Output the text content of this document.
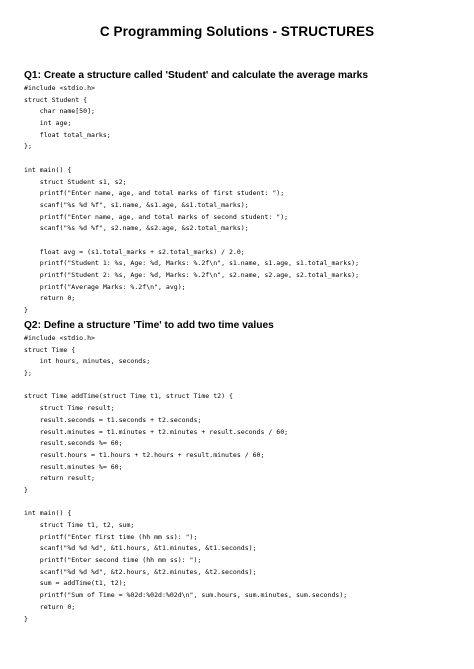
C Programming Solutions - STRUCTURES
Q1: Create a structure called 'Student' and calculate the average marks
#include <stdio.h>
struct Student {
char name[50];
int age;
float total_marks;
};
int main() {
struct Student s1, s2;
printf("Enter name, age, and total marks of first student: ");
scanf("%s %d %f", s1.name, &s1.age, &s1.total_marks);
printf("Enter name, age, and total marks of second student: ");
scanf("%s %d %f", s2.name, &s2.age, &s2.total_marks);
float avg = (s1.total_marks + s2.total_marks) / 2.0;
printf("Student 1: %s, Age: %d, Marks: %.2f\n", s1.name, s1.age, s1.total_marks);
printf("Student 2: %s, Age: %d, Marks: %.2f\n", s2.name, s2.age, s2.total_marks);
printf("Average Marks: %.2f\n", avg);
return 0;
}
Q2: Define a structure 'Time' to add two time values
#include <stdio.h>
struct Time {
int hours, minutes, seconds;
};
struct Time addTime(struct Time t1, struct Time t2) {
struct Time result;
result.seconds = t1.seconds + t2.seconds;
result.minutes = t1.minutes + t2.minutes + result.seconds / 60;
result.seconds %= 60;
result.hours = t1.hours + t2.hours + result.minutes / 60;
result.minutes %= 60;
return result;
}
int main() {
struct Time t1, t2, sum;
printf("Enter first time (hh mm ss): ");
scanf("%d %d %d", &t1.hours, &t1.minutes, &t1.seconds);
printf("Enter second time (hh mm ss): ");
scanf("%d %d %d", &t2.hours, &t2.minutes, &t2.seconds);
sum = addTime(t1, t2);
printf("Sum of Time = %02d:%02d:%02d\n", sum.hours, sum.minutes, sum.seconds);
return 0;
}
